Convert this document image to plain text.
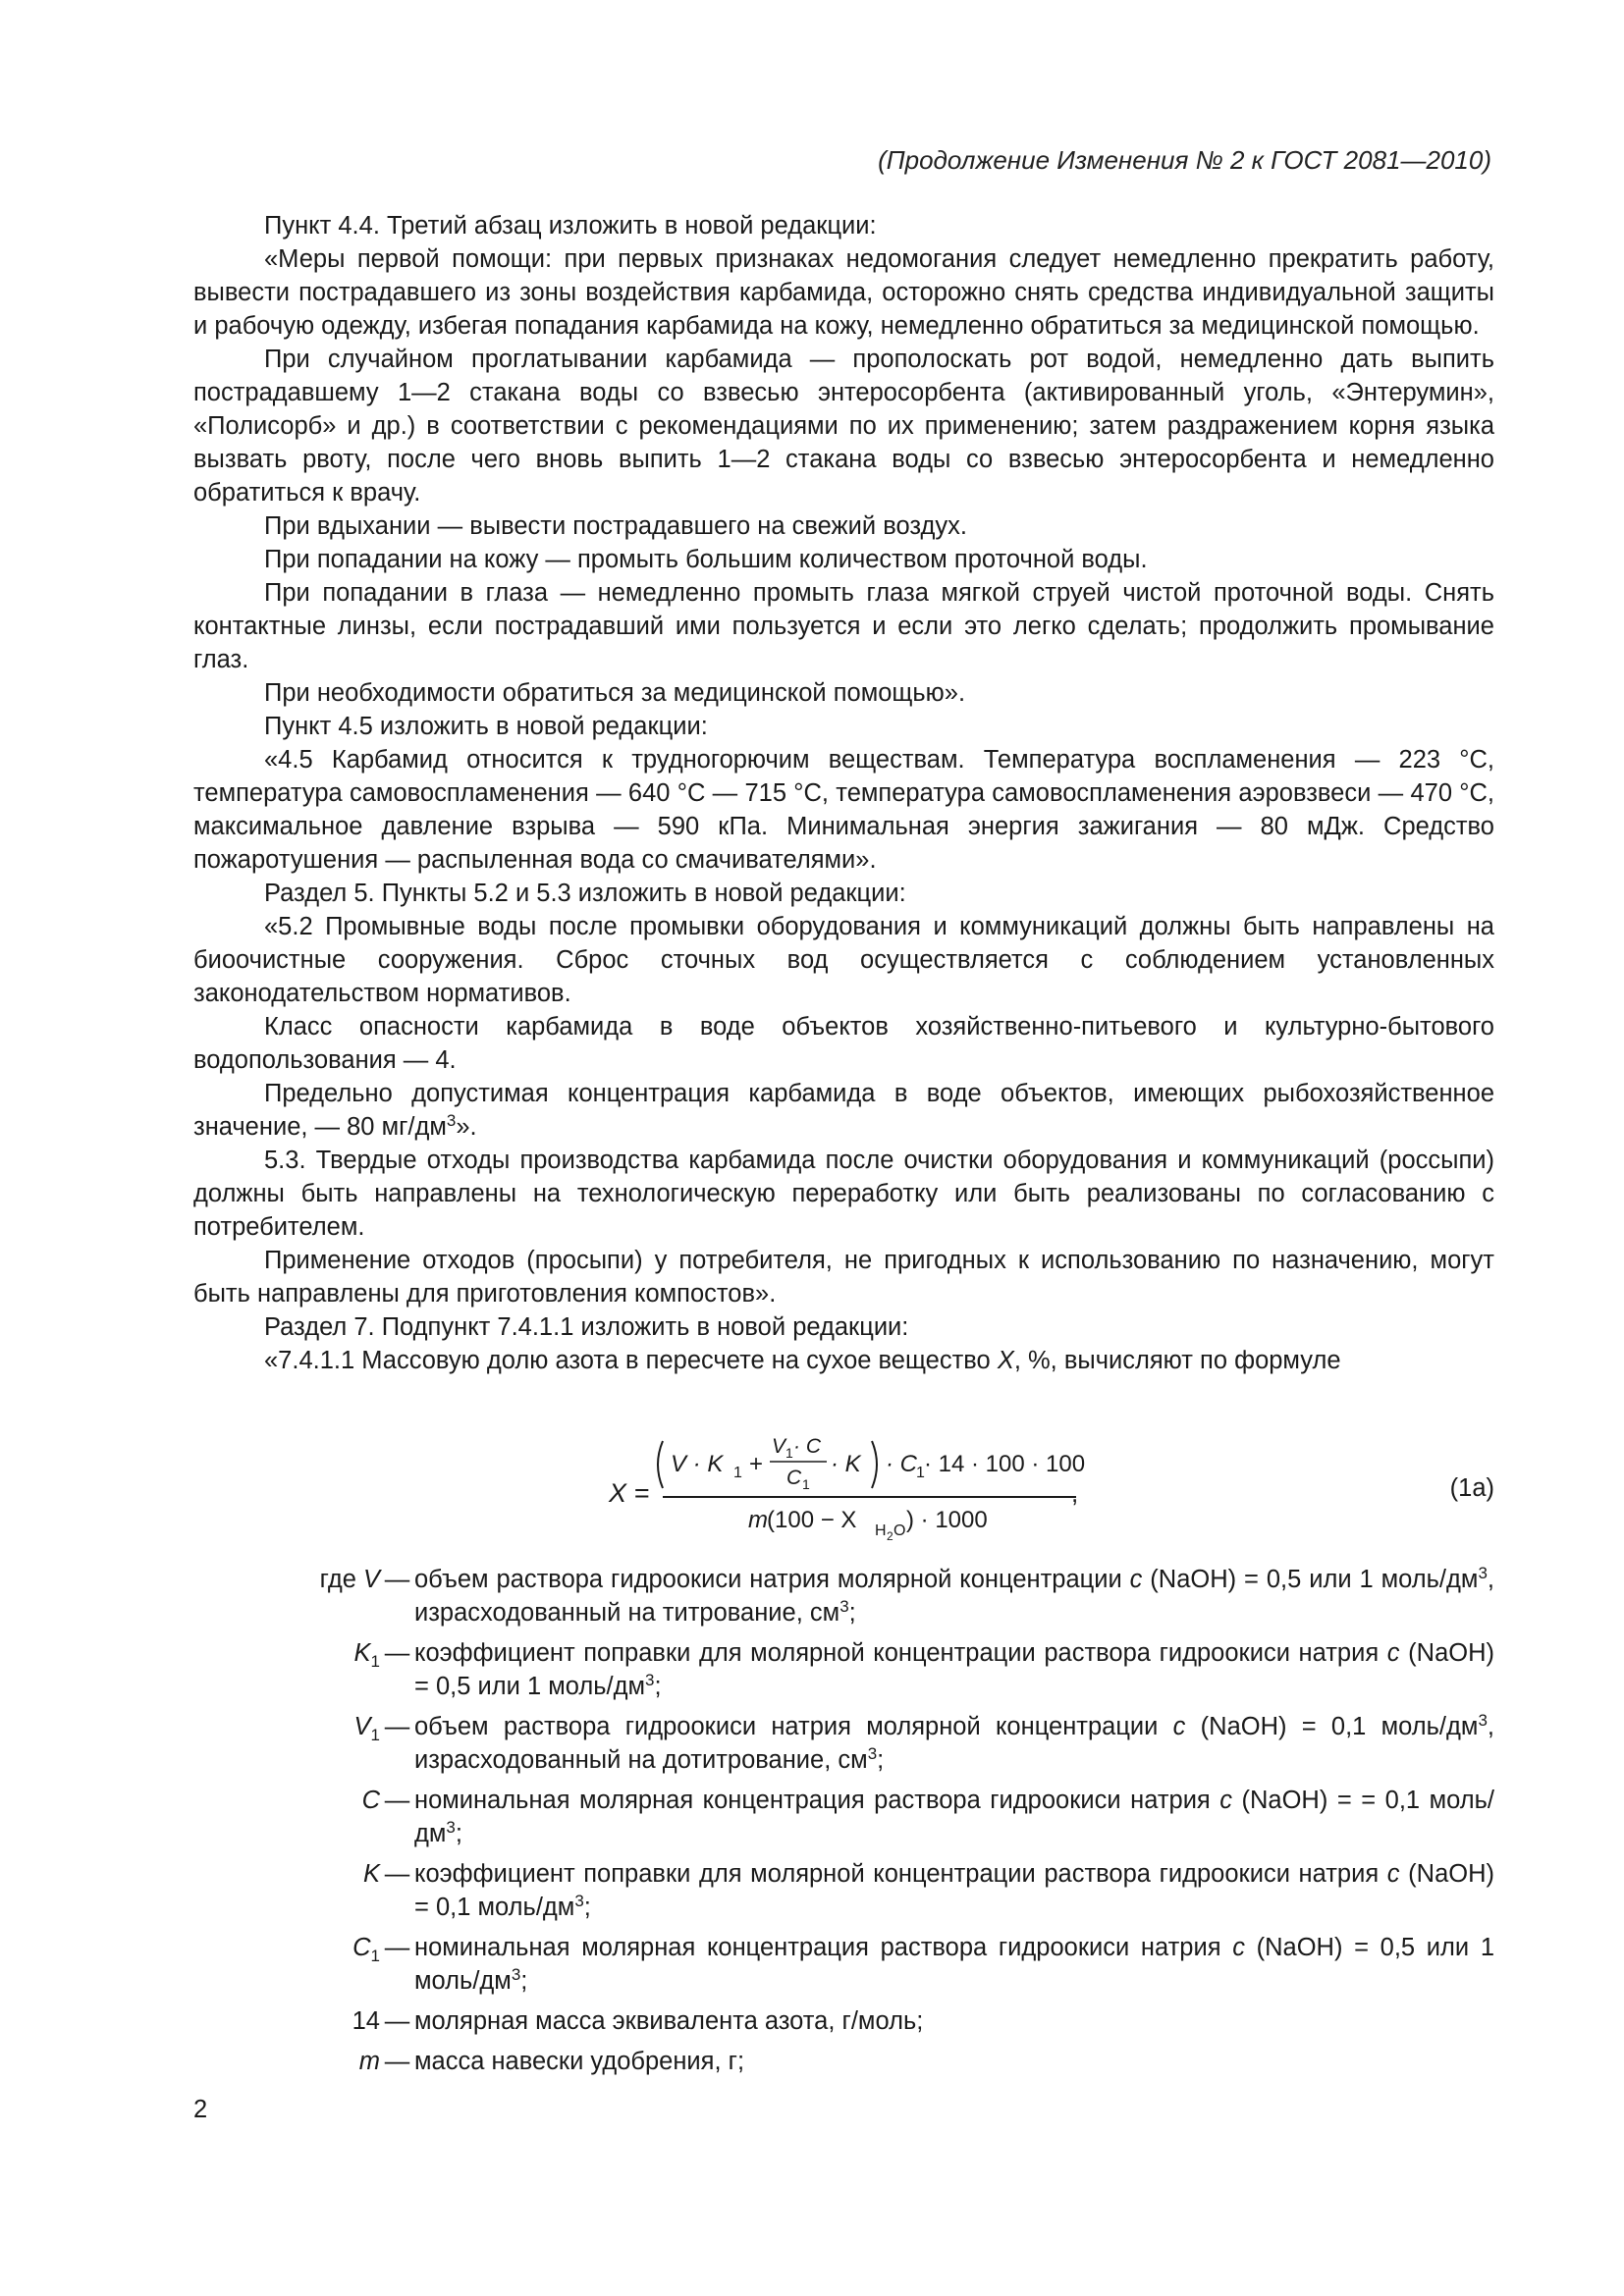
(Продолжение Изменения № 2 к ГОСТ 2081—2010)

Пункт 4.4. Третий абзац изложить в новой редакции:

«Меры первой помощи: при первых признаках недомогания следует немедленно прекратить работу, вывести пострадавшего из зоны воздействия карбамида, осторожно снять средства индивидуальной защиты и рабочую одежду, избегая попадания карбамида на кожу, немедленно обратиться за медицинской помощью.

При случайном проглатывании карбамида — прополоскать рот водой, немедленно дать выпить пострадавшему 1—2 стакана воды со взвесью энтеросорбента (активированный уголь, «Энтерумин», «Полисорб» и др.) в соответствии с рекомендациями по их применению; затем раздражением корня языка вызвать рвоту, после чего вновь выпить 1—2 стакана воды со взвесью энтеросорбента и немедленно обратиться к врачу.

При вдыхании — вывести пострадавшего на свежий воздух.

При попадании на кожу — промыть большим количеством проточной воды.

При попадании в глаза — немедленно промыть глаза мягкой струей чистой проточной воды. Снять контактные линзы, если пострадавший ими пользуется и если это легко сделать; продолжить промывание глаз.

При необходимости обратиться за медицинской помощью».

Пункт 4.5 изложить в новой редакции:

«4.5 Карбамид относится к трудногорючим веществам. Температура воспламенения — 223 °C, температура самовоспламенения — 640 °C — 715 °C, температура самовоспламенения аэровзвеси — 470 °C, максимальное давление взрыва — 590 кПа. Минимальная энергия зажигания — 80 мДж. Средство пожаротушения — распыленная вода со смачивателями».

Раздел 5. Пункты 5.2 и 5.3 изложить в новой редакции:

«5.2 Промывные воды после промывки оборудования и коммуникаций должны быть направлены на биоочистные сооружения. Сброс сточных вод осуществляется с соблюдением установленных законодательством нормативов.

Класс опасности карбамида в воде объектов хозяйственно-питьевого и культурно-бытового водопользования — 4.

Предельно допустимая концентрация карбамида в воде объектов, имеющих рыбохозяйственное значение, — 80 $мг/дм^3$».

5.3. Твердые отходы производства карбамида после очистки оборудования и коммуникаций (россыпи) должны быть направлены на технологическую переработку или быть реализованы по согласованию с потребителем.

Применение отходов (просыпи) у потребителя, не пригодных к использованию по назначению, могут быть направлены для приготовления компостов».

Раздел 7. Подпункт 7.4.1.1 изложить в новой редакции:

«7.4.1.1 Массовую долю азота в пересчете на сухое вещество X, %, вычисляют по формуле

X =
V · K 1 +
V 1 · C
C 1
· K · C 1 · 14 · 100 · 100
,
m (100 − X H 2 O ) · 1000
(1a)
где V — объем раствора гидроокиси натрия молярной концентрации c (NaOH) = 0,5 или 1 моль/$дм^3$, израсходованный на титрование, $см^3$;
$K_1$ — коэффициент поправки для молярной концентрации раствора гидроокиси натрия c (NaOH) = 0,5 или 1 моль/$дм^3$;
$V_1$ — объем раствора гидроокиси натрия молярной концентрации c (NaOH) = 0,1 моль/$дм^3$, израсходованный на дотитрование, $см^3$;
C — номинальная молярная концентрация раствора гидроокиси натрия c (NaOH) = = 0,1 моль/$дм^3$;
K — коэффициент поправки для молярной концентрации раствора гидроокиси натрия c (NaOH) = 0,1 моль/$дм^3$;
$C_1$ — номинальная молярная концентрация раствора гидроокиси натрия c (NaOH) = 0,5 или 1 моль/$дм^3$;
14 — молярная масса эквивалента азота, г/моль;
m — масса навески удобрения, г;
2
